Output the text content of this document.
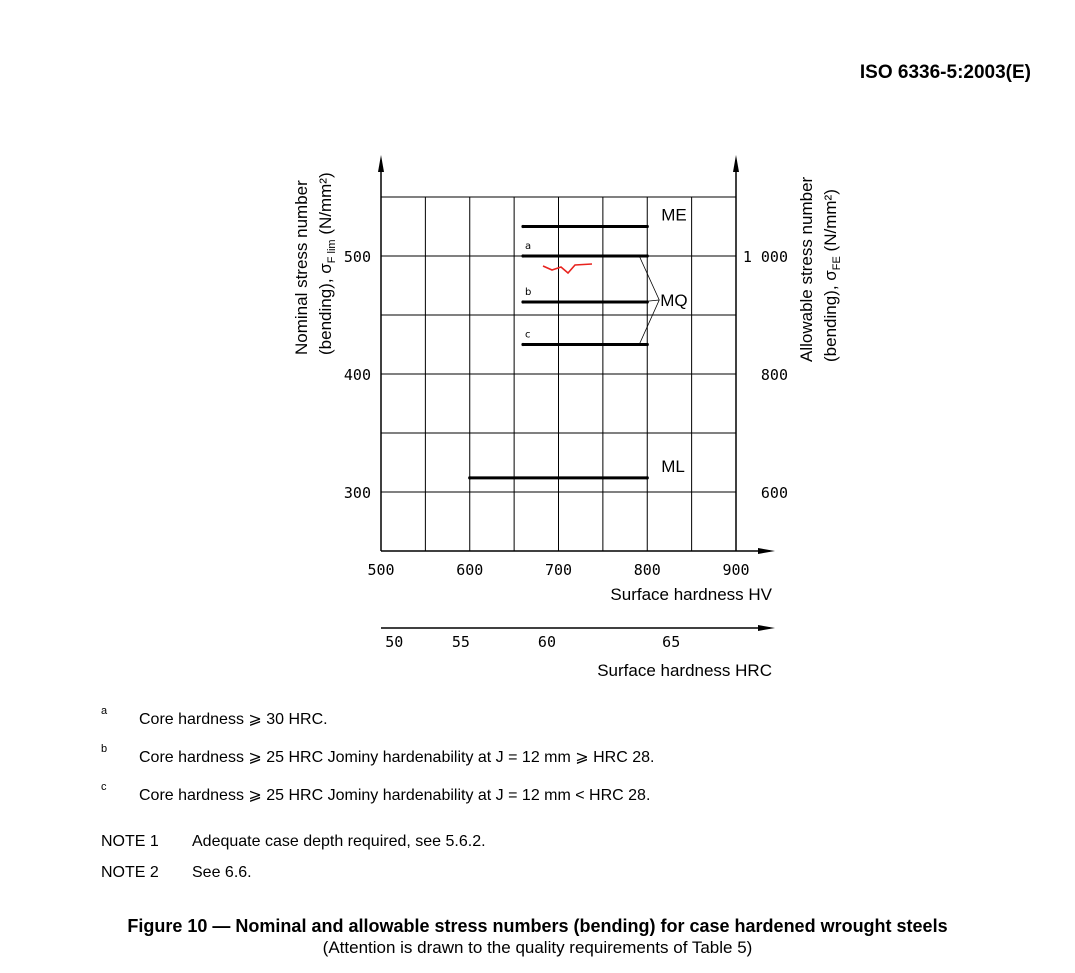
ISO 6336-5:2003(E)
ME
a
b
c
ML
MQ
300
400
500
600
800
1 000
500	600	700	800	900
50	55	60	65
Nominal stress number (bending), $\sigma_{F lim}$ (N/mm²)	Allowable stress number (bending), $\sigma_{FE}$ (N/mm²)
Surface hardness HV
Surface hardness HRC
a Core hardness ⩾ 30 HRC.
b Core hardness ⩾ 25 HRC Jominy hardenability at J = 12 mm ⩾ HRC 28.
c Core hardness ⩾ 25 HRC Jominy hardenability at J = 12 mm < HRC 28.
NOTE 1 Adequate case depth required, see 5.6.2.
NOTE 2 See 6.6.
Figure 10 — Nominal and allowable stress numbers (bending) for case hardened wrought steels
(Attention is drawn to the quality requirements of Table 5)
